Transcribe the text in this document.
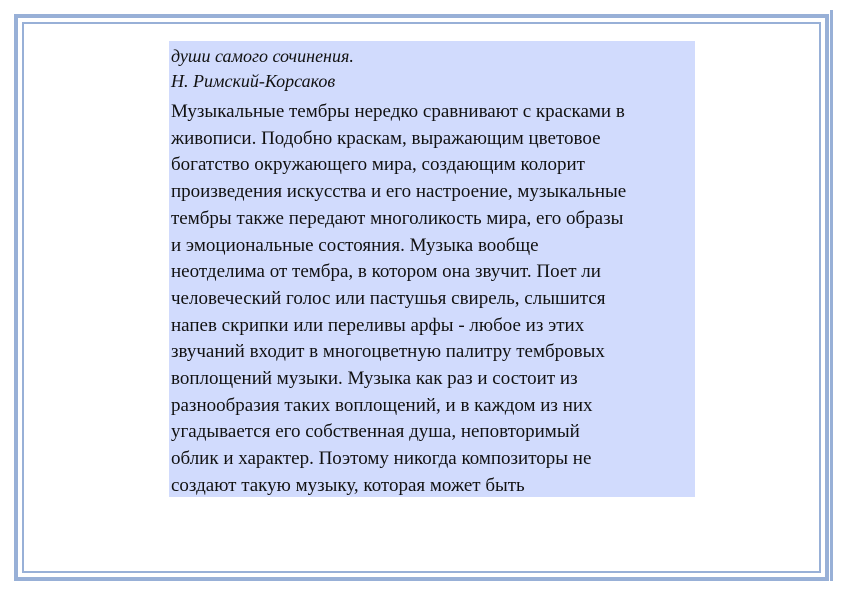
души самого сочинения.
Н. Римский-Корсаков
Музыкальные тембры нередко сравнивают с красками в
живописи. Подобно краскам, выражающим цветовое
богатство окружающего мира, создающим колорит
произведения искусства и его настроение, музыкальные
тембры также передают многоликость мира, его образы
и эмоциональные состояния. Музыка вообще
неотделима от тембра, в котором она звучит. Поет ли
человеческий голос или пастушья свирель, слышится
напев скрипки или переливы арфы - любое из этих
звучаний входит в многоцветную палитру тембровых
воплощений музыки. Музыка как раз и состоит из
разнообразия таких воплощений, и в каждом из них
угадывается его собственная душа, неповторимый
облик и характер. Поэтому никогда композиторы не
создают такую музыку, которая может быть
